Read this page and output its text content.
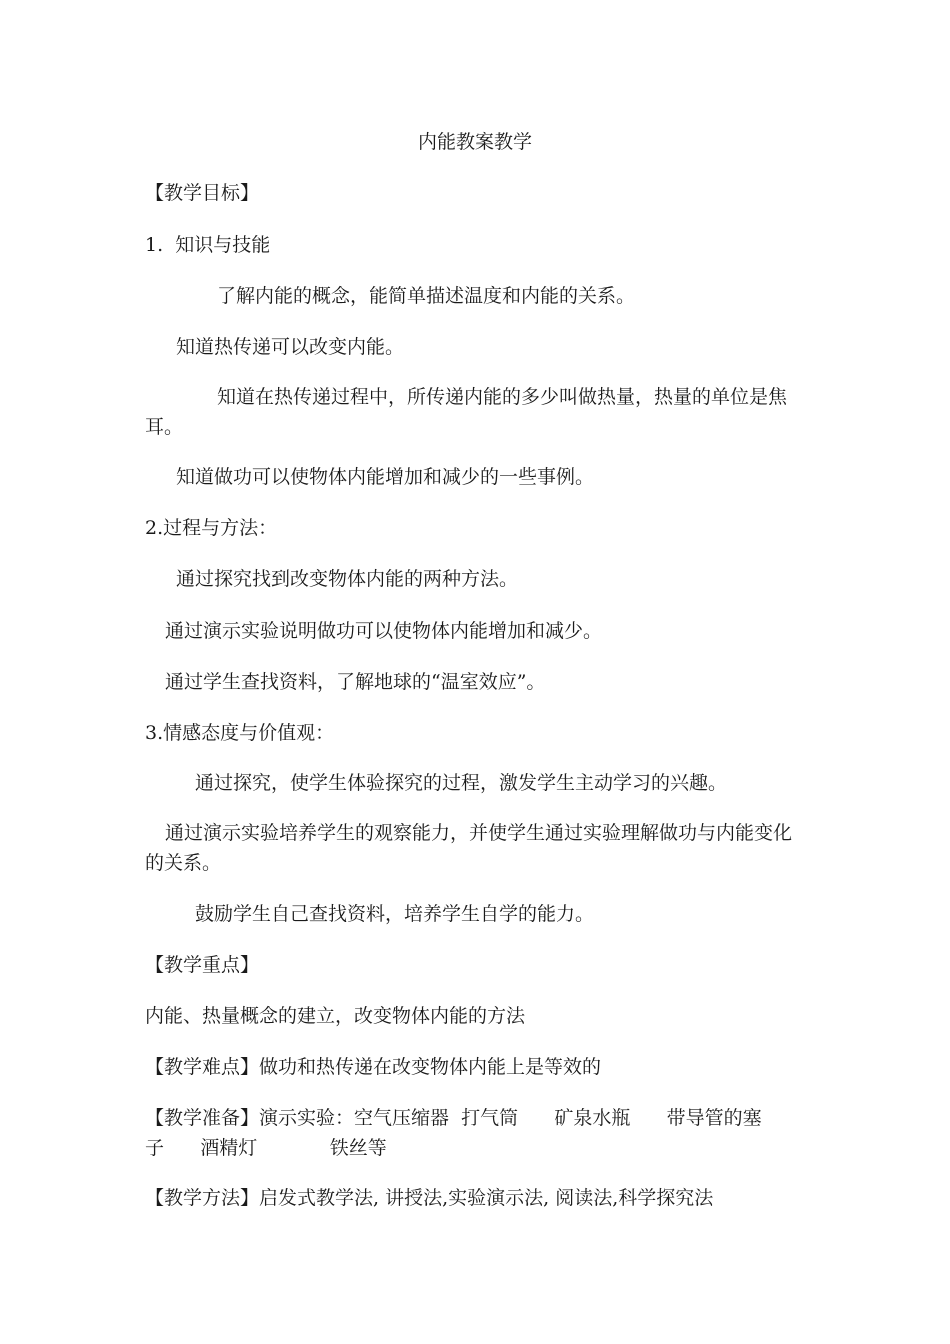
内能教案教学

【教学目标】

1.  知识与技能

了解内能的概念，能简单描述温度和内能的关系。

知道热传递可以改变内能。

知道在热传递过程中，所传递内能的多少叫做热量，热量的单位是焦耳。

知道做功可以使物体内能增加和减少的一些事例。

2.过程与方法：

通过探究找到改变物体内能的两种方法。

通过演示实验说明做功可以使物体内能增加和减少。

通过学生查找资料，了解地球的“温室效应”。

3.情感态度与价值观：

通过探究，使学生体验探究的过程，激发学生主动学习的兴趣。

通过演示实验培养学生的观察能力，并使学生通过实验理解做功与内能变化的关系。

鼓励学生自己查找资料，培养学生自学的能力。

【教学重点】

内能、热量概念的建立，改变物体内能的方法

【教学难点】做功和热传递在改变物体内能上是等效的

【教学准备】演示实验：空气压缩器  打气筒      矿泉水瓶      带导管的塞

子      酒精灯            铁丝等

【教学方法】启发式教学法, 讲授法,实验演示法, 阅读法,科学探究法
